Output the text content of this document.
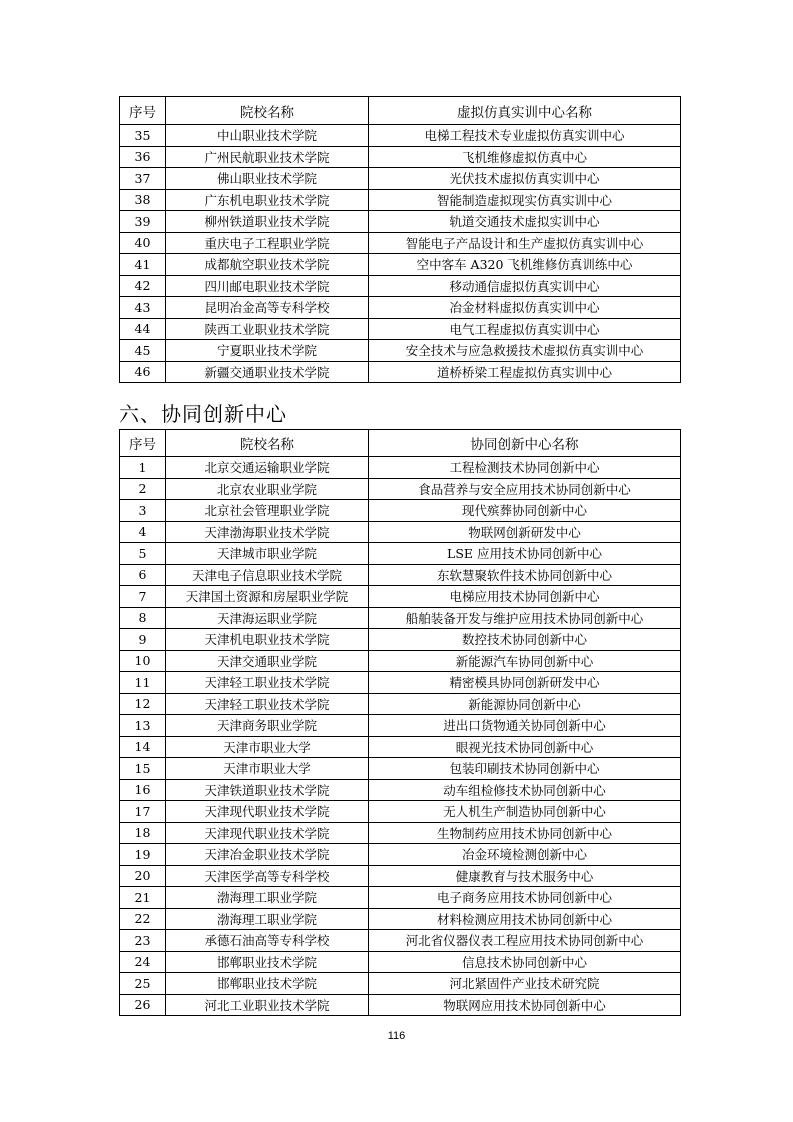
序号	院校名称	虚拟仿真实训中心名称
35	中山职业技术学院	电梯工程技术专业虚拟仿真实训中心
36	广州民航职业技术学院	飞机维修虚拟仿真中心
37	佛山职业技术学院	光伏技术虚拟仿真实训中心
38	广东机电职业技术学院	智能制造虚拟现实仿真实训中心
39	柳州铁道职业技术学院	轨道交通技术虚拟实训中心
40	重庆电子工程职业学院	智能电子产品设计和生产虚拟仿真实训中心
41	成都航空职业技术学院	空中客车 A320 飞机维修仿真训练中心
42	四川邮电职业技术学院	移动通信虚拟仿真实训中心
43	昆明冶金高等专科学校	冶金材料虚拟仿真实训中心
44	陕西工业职业技术学院	电气工程虚拟仿真实训中心
45	宁夏职业技术学院	安全技术与应急救援技术虚拟仿真实训中心
46	新疆交通职业技术学院	道桥桥梁工程虚拟仿真实训中心
六、协同创新中心
序号	院校名称	协同创新中心名称
1	北京交通运输职业学院	工程检测技术协同创新中心
2	北京农业职业学院	食品营养与安全应用技术协同创新中心
3	北京社会管理职业学院	现代殡葬协同创新中心
4	天津渤海职业技术学院	物联网创新研发中心
5	天津城市职业学院	LSE 应用技术协同创新中心
6	天津电子信息职业技术学院	东软慧聚软件技术协同创新中心
7	天津国土资源和房屋职业学院	电梯应用技术协同创新中心
8	天津海运职业学院	船舶装备开发与维护应用技术协同创新中心
9	天津机电职业技术学院	数控技术协同创新中心
10	天津交通职业学院	新能源汽车协同创新中心
11	天津轻工职业技术学院	精密模具协同创新研发中心
12	天津轻工职业技术学院	新能源协同创新中心
13	天津商务职业学院	进出口货物通关协同创新中心
14	天津市职业大学	眼视光技术协同创新中心
15	天津市职业大学	包装印刷技术协同创新中心
16	天津铁道职业技术学院	动车组检修技术协同创新中心
17	天津现代职业技术学院	无人机生产制造协同创新中心
18	天津现代职业技术学院	生物制药应用技术协同创新中心
19	天津冶金职业技术学院	冶金环境检测创新中心
20	天津医学高等专科学校	健康教育与技术服务中心
21	渤海理工职业学院	电子商务应用技术协同创新中心
22	渤海理工职业学院	材料检测应用技术协同创新中心
23	承德石油高等专科学校	河北省仪器仪表工程应用技术协同创新中心
24	邯郸职业技术学院	信息技术协同创新中心
25	邯郸职业技术学院	河北紧固件产业技术研究院
26	河北工业职业技术学院	物联网应用技术协同创新中心
116
